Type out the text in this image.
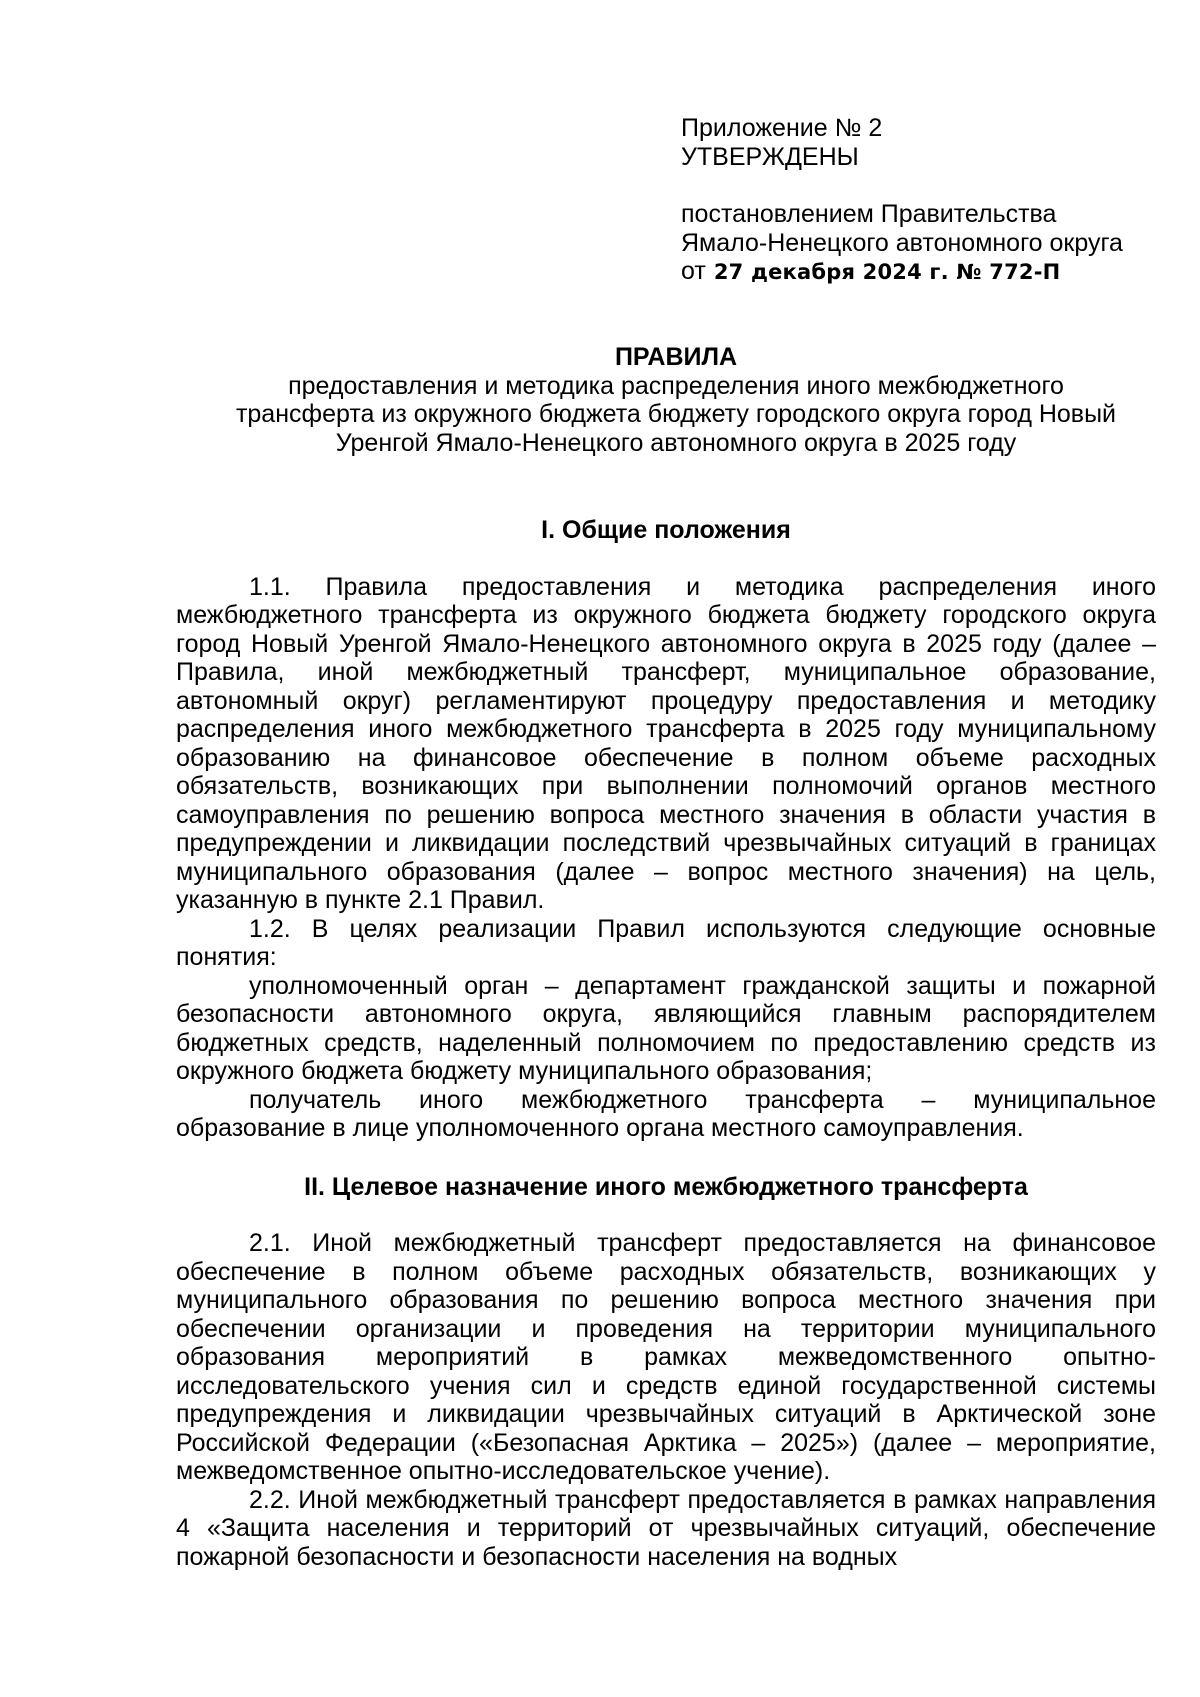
Приложение № 2
УТВЕРЖДЕНЫ
постановлением Правительства
Ямало-Ненецкого автономного округа
от 27 декабря 2024 г. № 772-П
ПРАВИЛА
предоставления и методика распределения иного межбюджетного
трансферта из окружного бюджета бюджету городского округа город Новый
Уренгой Ямало-Ненецкого автономного округа в 2025 году
I. Общие положения

1.1. Правила предоставления и методика распределения иного межбюджетного трансферта из окружного бюджета бюджету городского округа город Новый Уренгой Ямало-Ненецкого автономного округа в 2025 году (далее – Правила, иной межбюджетный трансферт, муниципальное образование, автономный округ) регламентируют процедуру предоставления и методику распределения иного межбюджетного трансферта в 2025 году муниципальному образованию на финансовое обеспечение в полном объеме расходных обязательств, возникающих при выполнении полномочий органов местного самоуправления по решению вопроса местного значения в области участия в предупреждении и ликвидации последствий чрезвычайных ситуаций в границах муниципального образования (далее – вопрос местного значения) на цель, указанную в пункте 2.1 Правил.

1.2. В целях реализации Правил используются следующие основные понятия:

уполномоченный орган – департамент гражданской защиты и пожарной безопасности автономного округа, являющийся главным распорядителем бюджетных средств, наделенный полномочием по предоставлению средств из окружного бюджета бюджету муниципального образования;

получатель иного межбюджетного трансферта – муниципальное образование в лице уполномоченного органа местного самоуправления.

II. Целевое назначение иного межбюджетного трансферта

2.1. Иной межбюджетный трансферт предоставляется на финансовое обеспечение в полном объеме расходных обязательств, возникающих у муниципального образования по решению вопроса местного значения при обеспечении организации и проведения на территории муниципального образования мероприятий в рамках межведомственного опытно-исследовательского учения сил и средств единой государственной системы предупреждения и ликвидации чрезвычайных ситуаций в Арктической зоне Российской Федерации («Безопасная Арктика – 2025») (далее – мероприятие, межведомственное опытно-исследовательское учение).

2.2. Иной межбюджетный трансферт предоставляется в рамках направления 4 «Защита населения и территорий от чрезвычайных ситуаций, обеспечение пожарной безопасности и безопасности населения на водных
